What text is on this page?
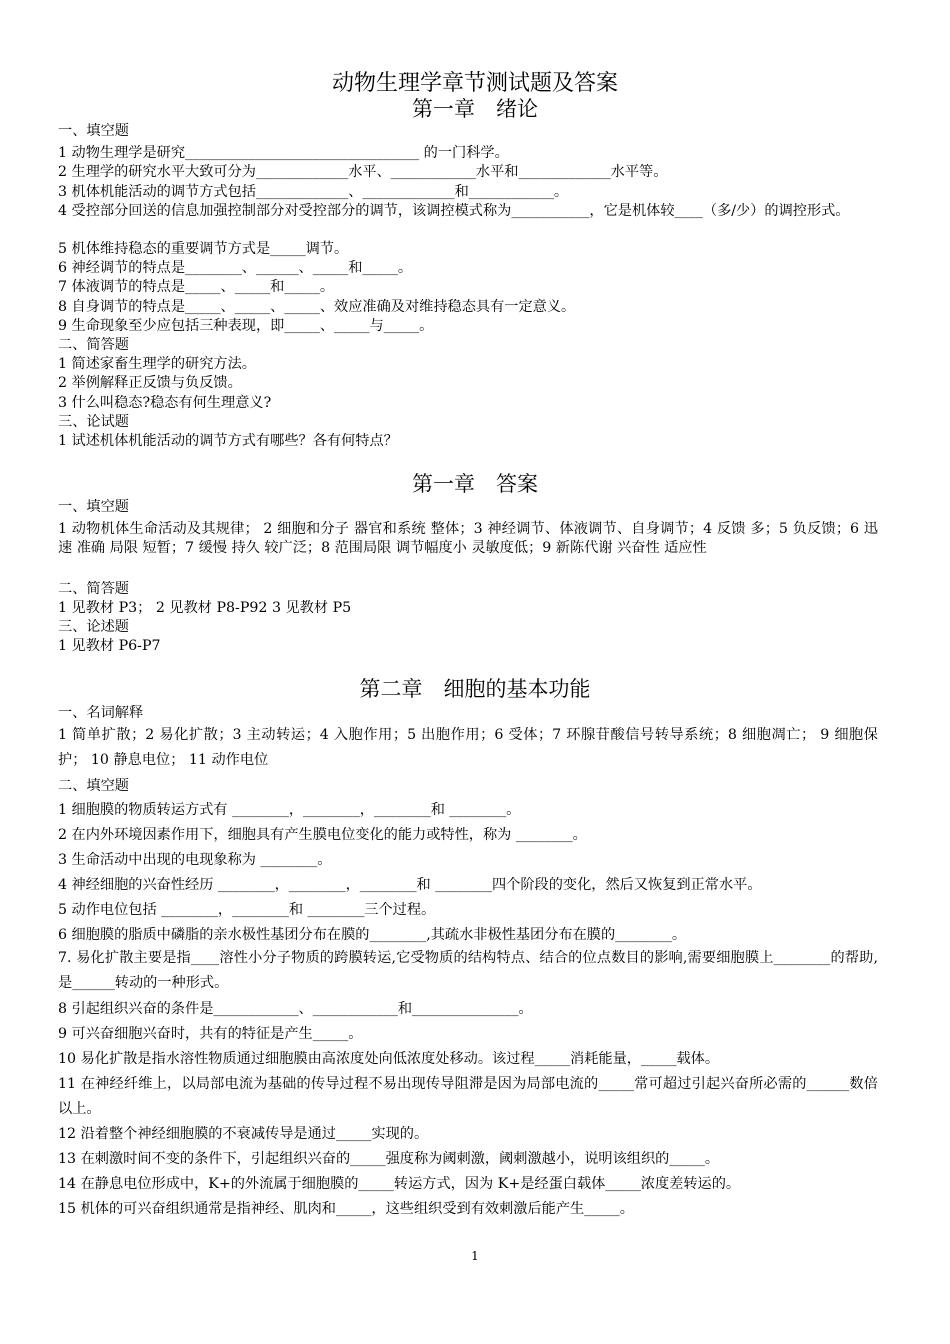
动物生理学章节测试题及答案
第一章　绪论
一、填空题
1 动物生理学是研究_________________________________ 的一门科学。
2 生理学的研究水平大致可分为_____________水平、____________水平和_____________水平等。
3 机体机能活动的调节方式包括_____________、_____________和____________。
4 受控部分回送的信息加强控制部分对受控部分的调节，该调控模式称为___________，它是机体较____（多/少）的调控形式。
5 机体维持稳态的重要调节方式是_____调节。
6 神经调节的特点是________、______、_____和_____。
7 体液调节的特点是_____、_____和_____。
8 自身调节的特点是_____、_____、_____、效应准确及对维持稳态具有一定意义。
9 生命现象至少应包括三种表现，即_____、_____与_____。
二、简答题
1 简述家畜生理学的研究方法。
2 举例解释正反馈与负反馈。
3 什么叫稳态?稳态有何生理意义?
三、论试题
1 试述机体机能活动的调节方式有哪些？各有何特点？
第一章　答案
一、填空题
1 动物机体生命活动及其规律； 2 细胞和分子 器官和系统 整体；3 神经调节、体液调节、自身调节；4 反馈 多；5 负反馈；6 迅速 准确 局限 短暂；7 缓慢 持久 较广泛；8 范围局限 调节幅度小 灵敏度低；9 新陈代谢 兴奋性 适应性
二、简答题
1 见教材 P3； 2 见教材 P8-P92 3 见教材 P5
三、论述题
1 见教材 P6-P7
第二章　细胞的基本功能
一、名词解释
1 简单扩散；2 易化扩散；3 主动转运；4 入胞作用；5 出胞作用；6 受体；7 环腺苷酸信号转导系统；8 细胞凋亡； 9 细胞保护； 10 静息电位； 11 动作电位
二、填空题
1 细胞膜的物质转运方式有 ________，________，________和 ________。
2 在内外环境因素作用下，细胞具有产生膜电位变化的能力或特性，称为 ________。
3 生命活动中出现的电现象称为 ________。
4 神经细胞的兴奋性经历 ________，________，________和 ________四个阶段的变化，然后又恢复到正常水平。
5 动作电位包括 ________，________和 ________三个过程。
6 细胞膜的脂质中磷脂的亲水极性基团分布在膜的________,其疏水非极性基团分布在膜的________。
7. 易化扩散主要是指____溶性小分子物质的跨膜转运,它受物质的结构特点、结合的位点数目的影响,需要细胞膜上________的帮助, 是______转动的一种形式。
8 引起组织兴奋的条件是____________、____________和_______________。
9 可兴奋细胞兴奋时，共有的特征是产生_____。
10 易化扩散是指水溶性物质通过细胞膜由高浓度处向低浓度处移动。该过程_____消耗能量，_____载体。
11 在神经纤维上，以局部电流为基础的传导过程不易出现传导阻滞是因为局部电流的_____常可超过引起兴奋所必需的______数倍以上。
12 沿着整个神经细胞膜的不衰减传导是通过_____实现的。
13 在刺激时间不变的条件下，引起组织兴奋的_____强度称为阈刺激，阈刺激越小，说明该组织的_____。
14 在静息电位形成中，K+的外流属于细胞膜的_____转运方式，因为 K+是经蛋白载体_____浓度差转运的。
15 机体的可兴奋组织通常是指神经、肌肉和_____，这些组织受到有效刺激后能产生_____。
1
